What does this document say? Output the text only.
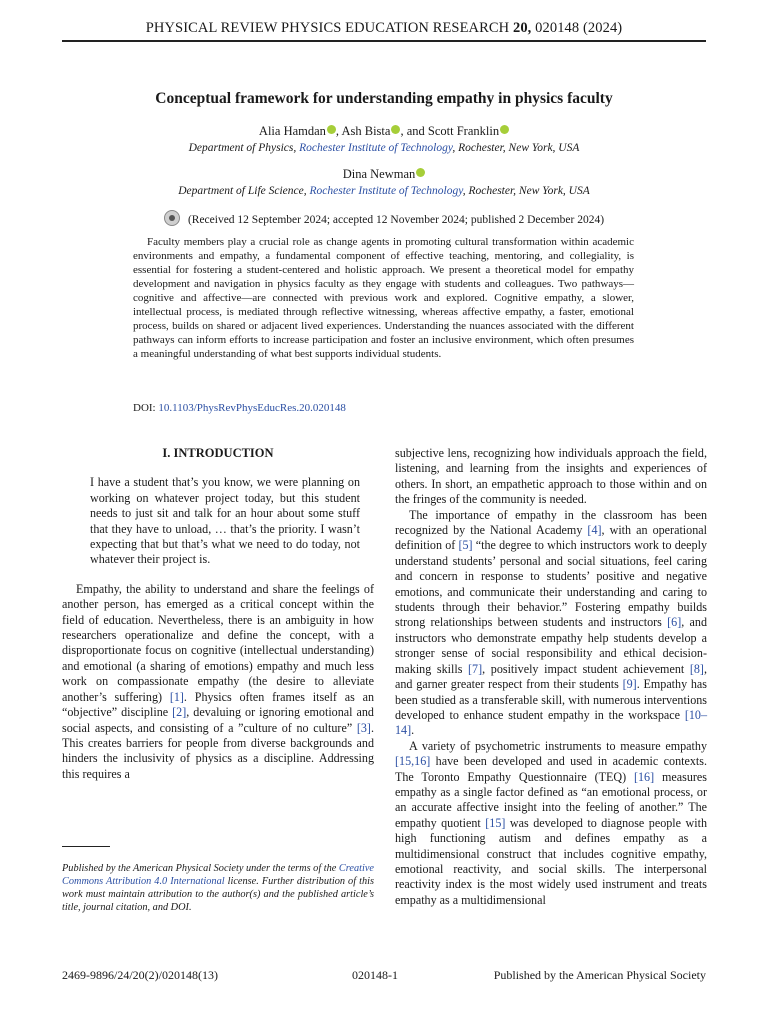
PHYSICAL REVIEW PHYSICS EDUCATION RESEARCH 20, 020148 (2024)
Conceptual framework for understanding empathy in physics faculty
Alia Hamdan , Ash Bista , and Scott Franklin
Department of Physics, Rochester Institute of Technology, Rochester, New York, USA
Dina Newman
Department of Life Science, Rochester Institute of Technology, Rochester, New York, USA
(Received 12 September 2024; accepted 12 November 2024; published 2 December 2024)

Faculty members play a crucial role as change agents in promoting cultural transformation within academic environments and empathy, a fundamental component of effective teaching, mentoring, and collegiality, is essential for fostering a student-centered and holistic approach. We present a theoretical model for empathy development and navigation in physics faculty as they engage with students and colleagues. Two pathways—cognitive and affective—are connected with previous work and explored. Cognitive empathy, a slower, intellectual process, is mediated through reflective witnessing, whereas affective empathy, a faster, emotional process, builds on shared or adjacent lived experiences. Understanding the nuances associated with the different pathways can inform efforts to increase participation and foster an inclusive environment, which often presumes a meaningful understanding of what best supports individual students.

DOI: 10.1103/PhysRevPhysEducRes.20.020148
I. INTRODUCTION
I have a student that’s you know, we were planning on working on whatever project today, but this student needs to just sit and talk for an hour about some stuff that they have to unload, … that’s the priority. I wasn’t expecting that but that’s what we need to do today, not whatever their project is.

Empathy, the ability to understand and share the feelings of another person, has emerged as a critical concept within the field of education. Nevertheless, there is an ambiguity in how researchers operationalize and define the concept, with a disproportionate focus on cognitive (intellectual understanding) and emotional (a sharing of emotions) empathy and much less work on compassionate empathy (the desire to alleviate another’s suffering) [1]. Physics often frames itself as an “objective” discipline [2], devaluing or ignoring emotional and social aspects, and consisting of a ”culture of no culture” [3]. This creates barriers for people from diverse backgrounds and hinders the inclusivity of physics as a discipline. Addressing this requires a

subjective lens, recognizing how individuals approach the field, listening, and learning from the insights and experiences of others. In short, an empathetic approach to those within and on the fringes of the community is needed.

The importance of empathy in the classroom has been recognized by the National Academy [4], with an operational definition of [5] “the degree to which instructors work to deeply understand students’ personal and social situations, feel caring and concern in response to students’ positive and negative emotions, and communicate their understanding and caring to students through their behavior.” Fostering empathy builds strong relationships between students and instructors [6], and instructors who demonstrate empathy help students develop a stronger sense of social responsibility and ethical decision-making skills [7], positively impact student achievement [8], and garner greater respect from their students [9]. Empathy has been studied as a transferable skill, with numerous interventions developed to enhance student empathy in the workspace [10–14].

A variety of psychometric instruments to measure empathy [15,16] have been developed and used in academic contexts. The Toronto Empathy Questionnaire (TEQ) [16] measures empathy as a single factor defined as “an emotional process, or an accurate affective insight into the feeling of another.” The empathy quotient [15] was developed to diagnose people with high functioning autism and defines empathy as a multidimensional construct that includes cognitive empathy, emotional reactivity, and social skills. The interpersonal reactivity index is the most widely used instrument and treats empathy as a multidimensional

Published by the American Physical Society under the terms of the Creative Commons Attribution 4.0 International license. Further distribution of this work must maintain attribution to the author(s) and the published article’s title, journal citation, and DOI.
2469-9896/24/20(2)/020148(13)	020148-1	Published by the American Physical Society
